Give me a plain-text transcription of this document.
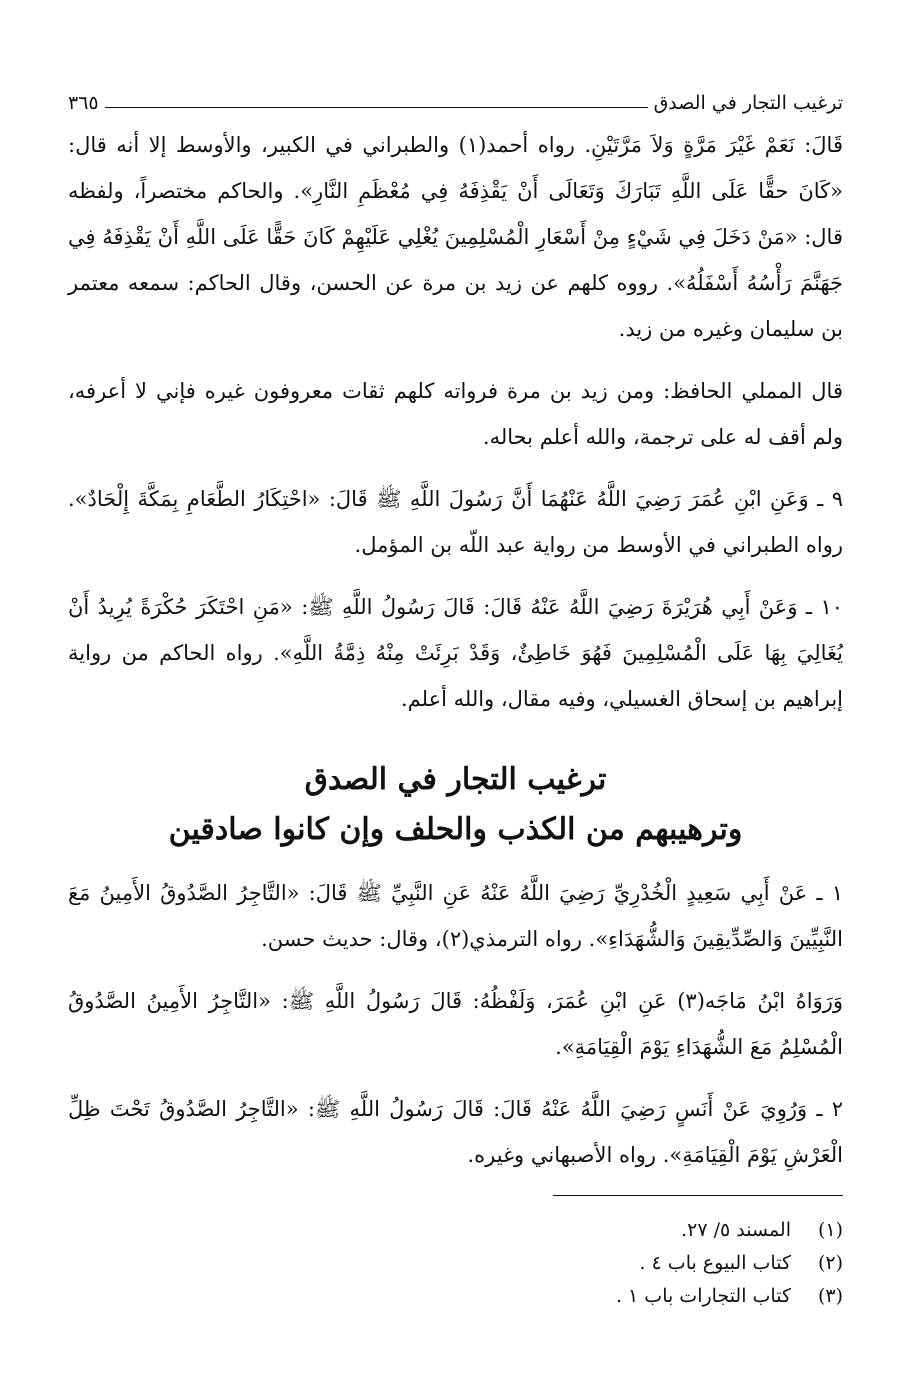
ترغيب التجار في الصدق
٣٦٥

قَالَ: نَعَمْ غَيْرَ مَرَّةٍ وَلاَ مَرَّتَيْنِ. رواه أحمد(١) والطبراني في الكبير، والأوسط إلا أنه قال: «كَانَ حقًّا عَلَى اللَّهِ تَبَارَكَ وَتَعَالَى أَنْ يَقْذِفَهُ فِي مُعْظَمِ النَّارِ». والحاكم مختصراً، ولفظه قال: «مَنْ دَخَلَ فِي شَيْءٍ مِنْ أَسْعَارِ الْمُسْلِمِينَ يُغْلِي عَلَيْهِمْ كَانَ حَقًّا عَلَى اللَّهِ أَنْ يَقْذِفَهُ فِي جَهَنَّمَ رَأْسُهُ أَسْفَلُهُ». رووه كلهم عن زيد بن مرة عن الحسن، وقال الحاكم: سمعه معتمر بن سليمان وغيره من زيد.

قال المملي الحافظ: ومن زيد بن مرة فرواته كلهم ثقات معروفون غيره فإني لا أعرفه، ولم أقف له على ترجمة، والله أعلم بحاله.

٩ ـ وَعَنِ ابْنِ عُمَرَ رَضِيَ اللَّهُ عَنْهُمَا أَنَّ رَسُولَ اللَّهِ ﷺ قَالَ: «احْتِكَارُ الطَّعَامِ بِمَكَّةَ إِلْحَادٌ». رواه الطبراني في الأوسط من رواية عبد اللّه بن المؤمل.

١٠ ـ وَعَنْ أَبِي هُرَيْرَةَ رَضِيَ اللَّهُ عَنْهُ قَالَ: قَالَ رَسُولُ اللَّهِ ﷺ: «مَنِ احْتَكَرَ حُكْرَةً يُرِيدُ أَنْ يُغَالِيَ بِهَا عَلَى الْمُسْلِمِينَ فَهُوَ خَاطِئٌ، وَقَدْ بَرِئَتْ مِنْهُ ذِمَّةُ اللَّهِ». رواه الحاكم من رواية إبراهيم بن إسحاق الغسيلي، وفيه مقال، والله أعلم.

ترغيب التجار في الصدق
وترهيبهم من الكذب والحلف وإن كانوا صادقين

١ ـ عَنْ أَبِي سَعِيدٍ الْخُدْرِيِّ رَضِيَ اللَّهُ عَنْهُ عَنِ النَّبِيِّ ﷺ قَالَ: «التَّاجِرُ الصَّدُوقُ الأَمِينُ مَعَ النَّبِيِّينَ وَالصِّدِّيقِينَ وَالشُّهَدَاءِ». رواه الترمذي(٢)، وقال: حديث حسن.

وَرَوَاهُ ابْنُ مَاجَه(٣) عَنِ ابْنِ عُمَرَ، وَلَفْظُهُ: قَالَ رَسُولُ اللَّهِ ﷺ: «التَّاجِرُ الأَمِينُ الصَّدُوقُ الْمُسْلِمُ مَعَ الشُّهَدَاءِ يَوْمَ الْقِيَامَةِ».

٢ ـ وَرُوِيَ عَنْ أَنَسٍ رَضِيَ اللَّهُ عَنْهُ قَالَ: قَالَ رَسُولُ اللَّهِ ﷺ: «التَّاجِرُ الصَّدُوقُ تَحْتَ ظِلِّ الْعَرْشِ يَوْمَ الْقِيَامَةِ». رواه الأصبهاني وغيره.

(١)
المسند ٥/ ٢٧.
(٢)
كتاب البيوع باب ٤ .
(٣)
كتاب التجارات باب ١ .
